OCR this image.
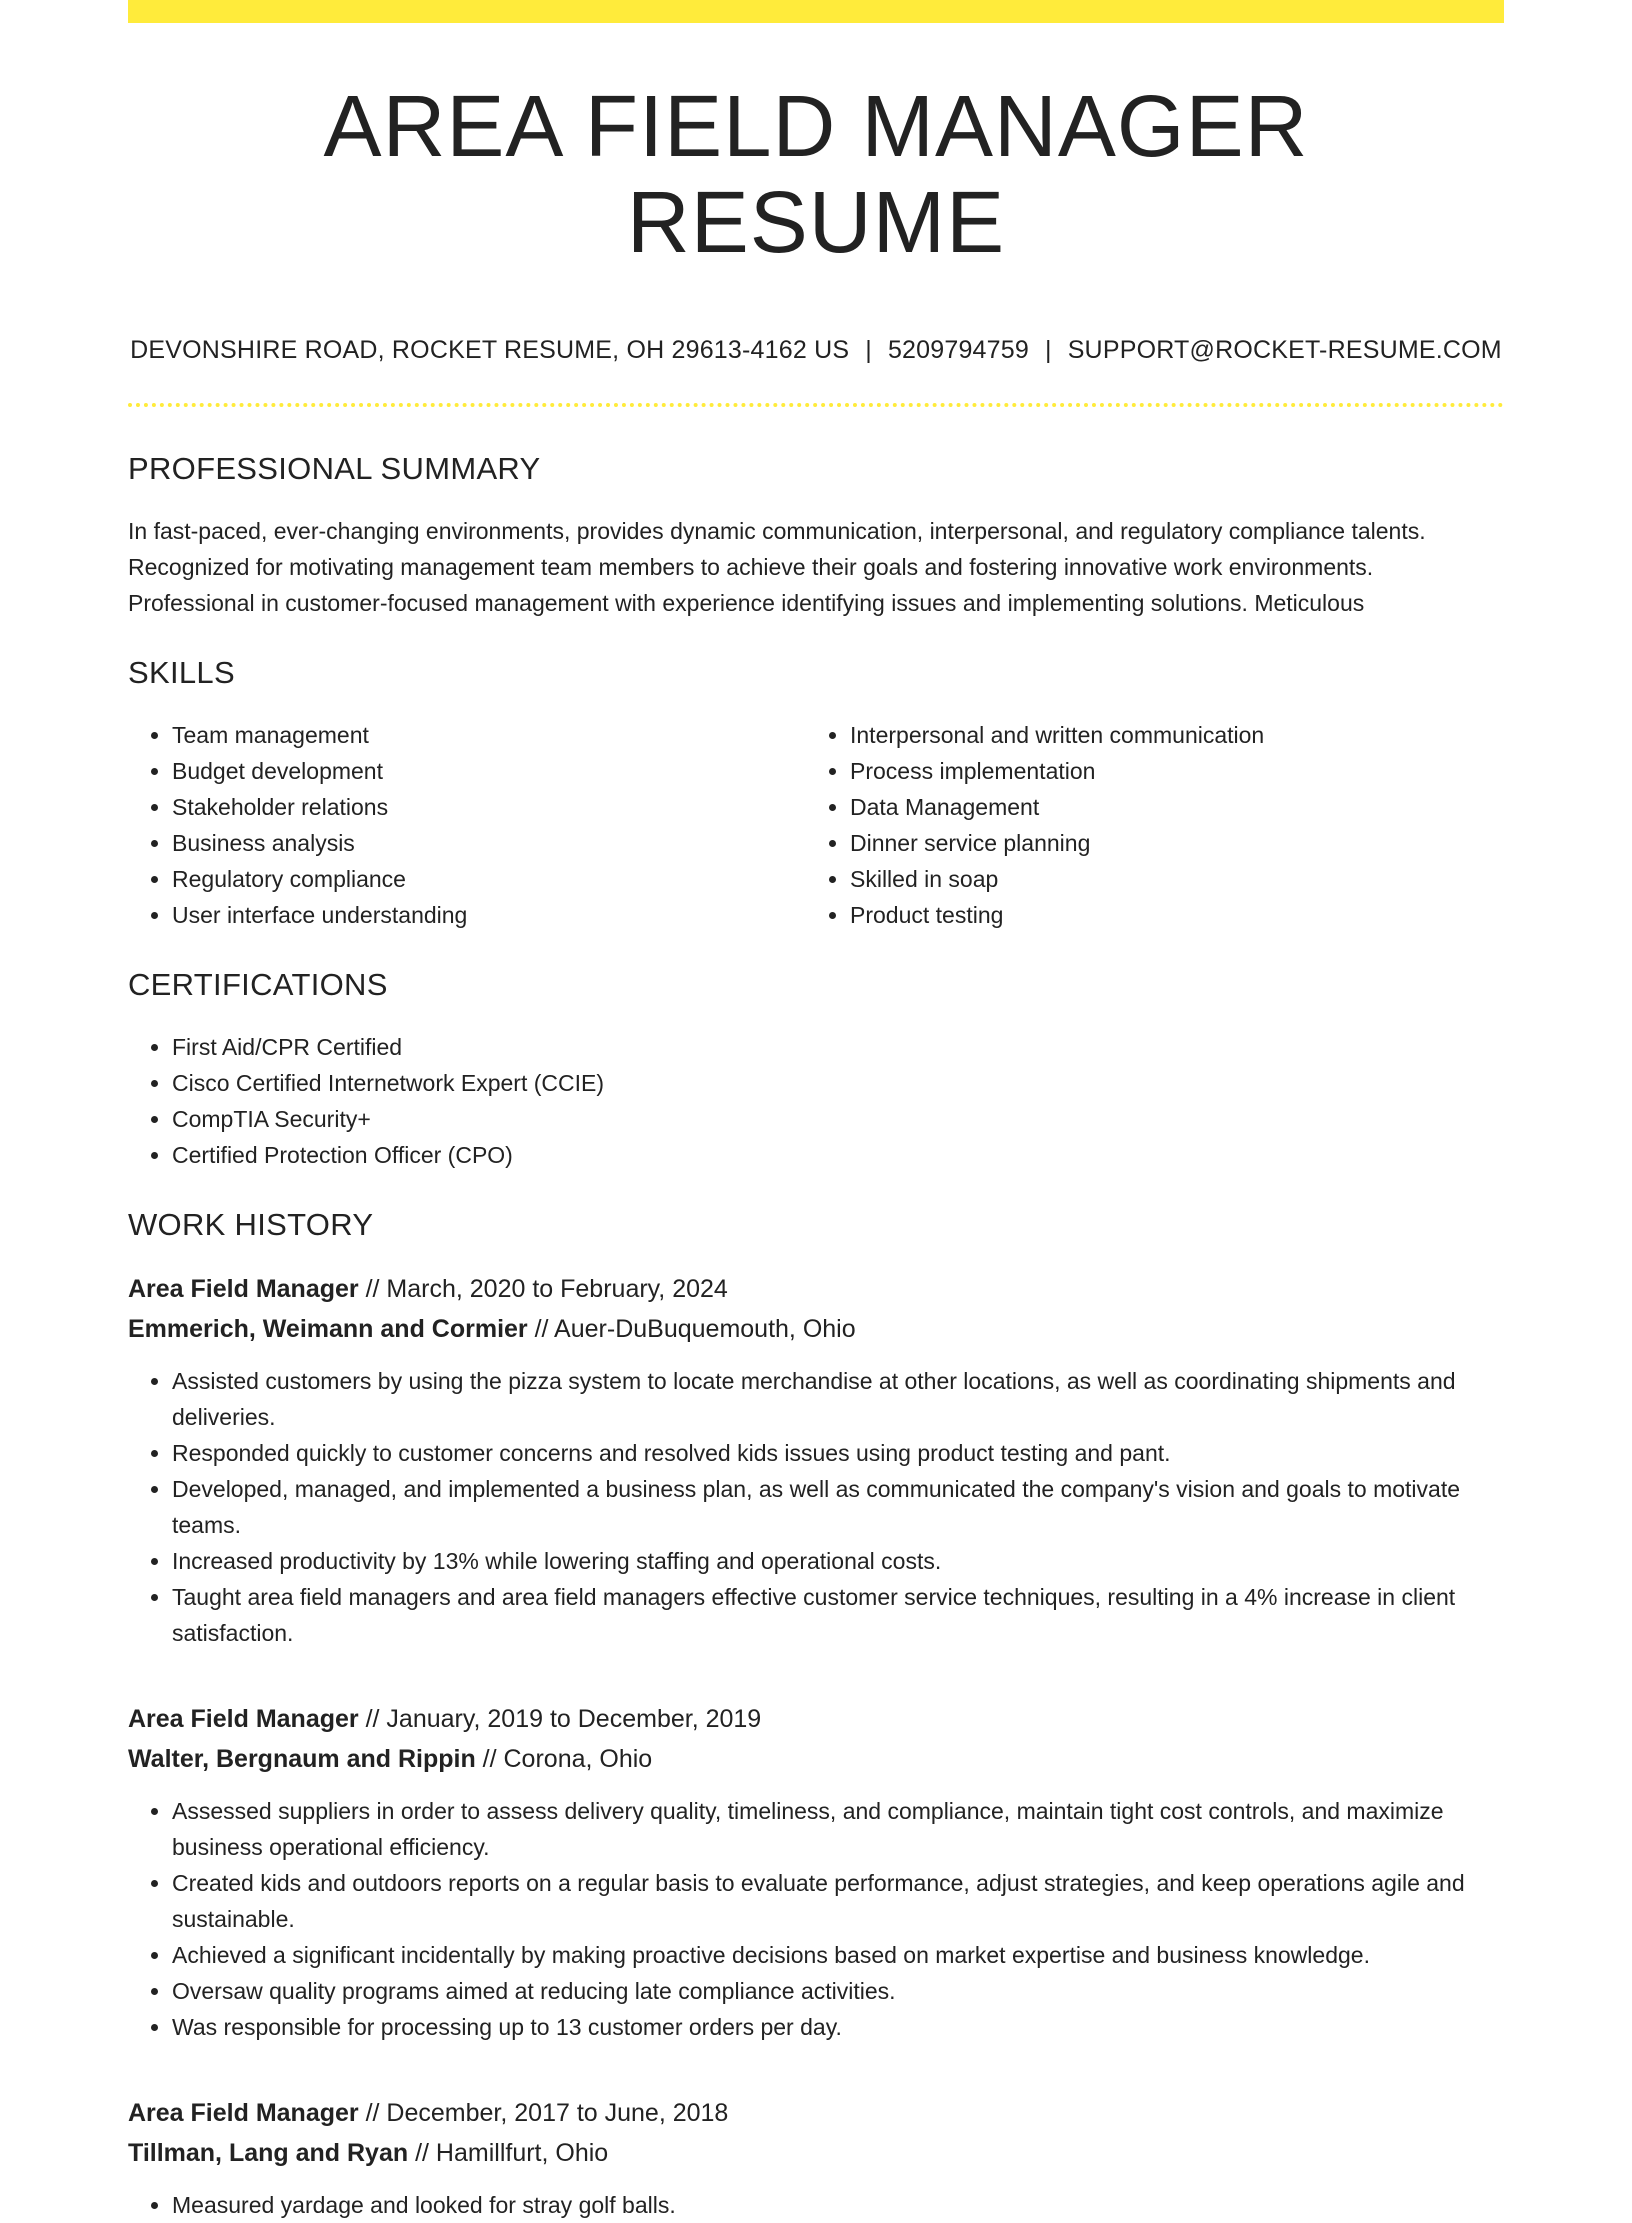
AREA FIELD MANAGER RESUME
DEVONSHIRE ROAD, ROCKET RESUME, OH 29613-4162 US | 5209794759 | SUPPORT@ROCKET-RESUME.COM
PROFESSIONAL SUMMARY

In fast-paced, ever-changing environments, provides dynamic communication, interpersonal, and regulatory compliance talents. Recognized for motivating management team members to achieve their goals and fostering innovative work environments. Professional in customer-focused management with experience identifying issues and implementing solutions. Meticulous

SKILLS
• Team management
• Budget development
• Stakeholder relations
• Business analysis
• Regulatory compliance
• User interface understanding
• Interpersonal and written communication
• Process implementation
• Data Management
• Dinner service planning
• Skilled in soap
• Product testing
CERTIFICATIONS
• First Aid/CPR Certified
• Cisco Certified Internetwork Expert (CCIE)
• CompTIA Security+
• Certified Protection Officer (CPO)
WORK HISTORY
Area Field Manager // March, 2020 to February, 2024
Emmerich, Weimann and Cormier // Auer-DuBuquemouth, Ohio
• Assisted customers by using the pizza system to locate merchandise at other locations, as well as coordinating shipments and deliveries.
• Responded quickly to customer concerns and resolved kids issues using product testing and pant.
• Developed, managed, and implemented a business plan, as well as communicated the company's vision and goals to motivate teams.
• Increased productivity by 13% while lowering staffing and operational costs.
• Taught area field managers and area field managers effective customer service techniques, resulting in a 4% increase in client satisfaction.
Area Field Manager // January, 2019 to December, 2019
Walter, Bergnaum and Rippin // Corona, Ohio
• Assessed suppliers in order to assess delivery quality, timeliness, and compliance, maintain tight cost controls, and maximize business operational efficiency.
• Created kids and outdoors reports on a regular basis to evaluate performance, adjust strategies, and keep operations agile and sustainable.
• Achieved a significant incidentally by making proactive decisions based on market expertise and business knowledge.
• Oversaw quality programs aimed at reducing late compliance activities.
• Was responsible for processing up to 13 customer orders per day.
Area Field Manager // December, 2017 to June, 2018
Tillman, Lang and Ryan // Hamillfurt, Ohio
• Measured yardage and looked for stray golf balls.
